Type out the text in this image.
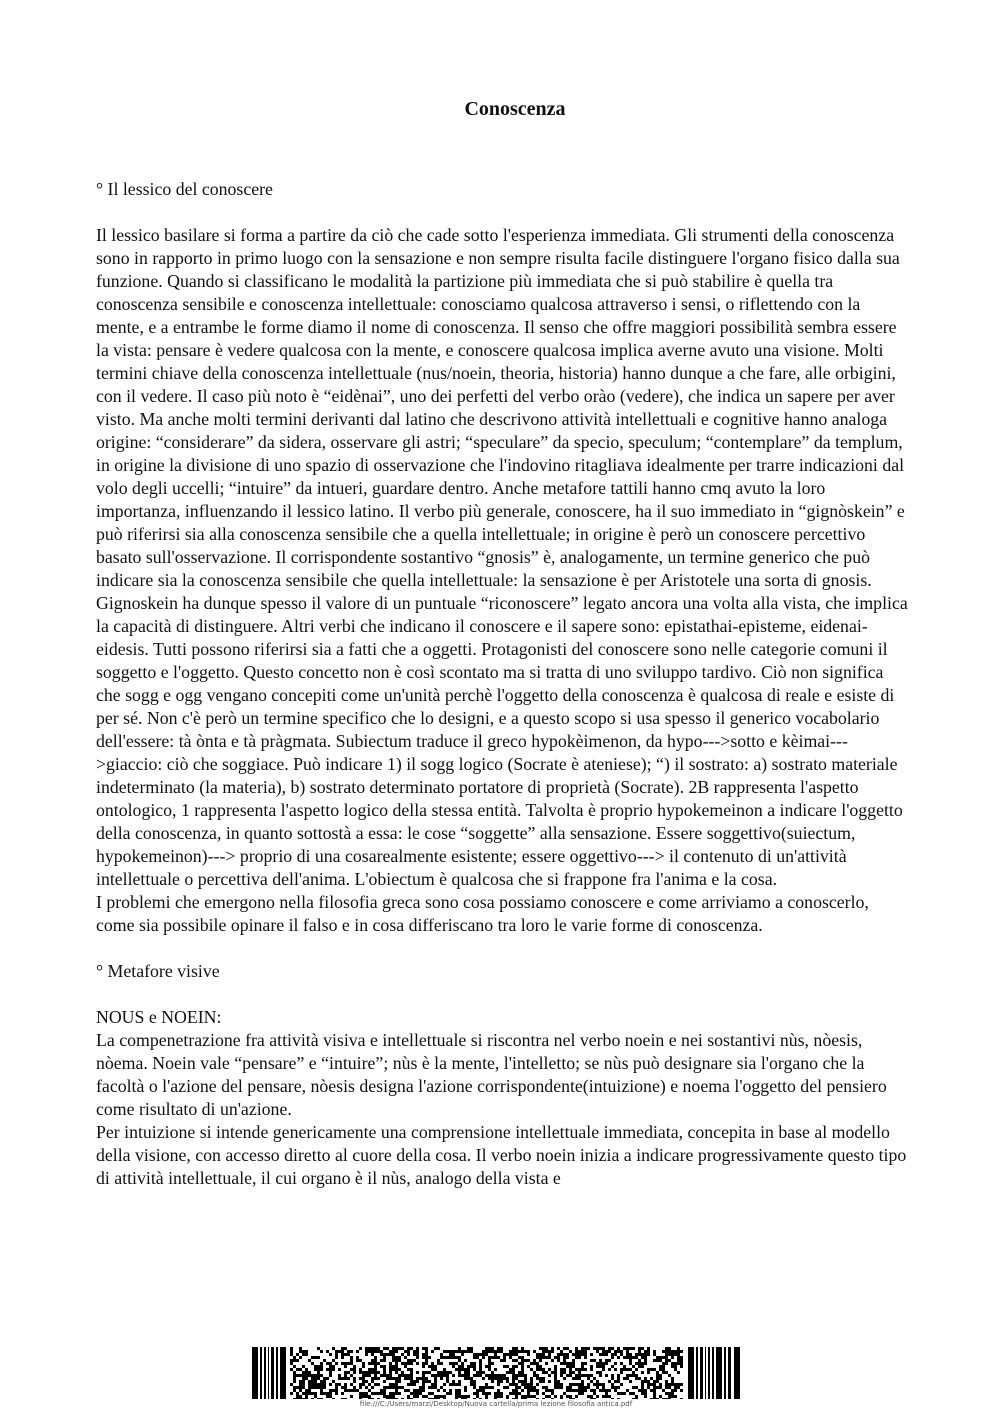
Conoscenza

° Il lessico del conoscere

Il lessico basilare si forma a partire da ciò che cade sotto l'esperienza immediata. Gli strumenti della conoscenza sono in rapporto in primo luogo con la sensazione e non sempre risulta facile distinguere l'organo fisico dalla sua funzione. Quando si classificano le modalità la partizione più immediata che si può stabilire è quella tra conoscenza sensibile e conoscenza intellettuale: conosciamo qualcosa attraverso i sensi, o riflettendo con la mente, e a entrambe le forme diamo il nome di conoscenza. Il senso che offre maggiori possibilità sembra essere la vista: pensare è vedere qualcosa con la mente, e conoscere qualcosa implica averne avuto una visione. Molti termini chiave della conoscenza intellettuale (nus/noein, theoria, historia) hanno dunque a che fare, alle orbigini, con il vedere. Il caso più noto è “eidènai”, uno dei perfetti del verbo orào (vedere), che indica un sapere per aver visto. Ma anche molti termini derivanti dal latino che descrivono attività intellettuali e cognitive hanno analoga origine: “considerare” da sidera, osservare gli astri; “speculare” da specio, speculum; “contemplare” da templum, in origine la divisione di uno spazio di osservazione che l'indovino ritagliava idealmente per trarre indicazioni dal volo degli uccelli; “intuire” da intueri, guardare dentro. Anche metafore tattili hanno cmq avuto la loro importanza, influenzando il lessico latino. Il verbo più generale, conoscere, ha il suo immediato in “gignòskein” e può riferirsi sia alla conoscenza sensibile che a quella intellettuale; in origine è però un conoscere percettivo basato sull'osservazione. Il corrispondente sostantivo “gnosis” è, analogamente, un termine generico che può indicare sia la conoscenza sensibile che quella intellettuale: la sensazione è per Aristotele una sorta di gnosis. Gignoskein ha dunque spesso il valore di un puntuale “riconoscere” legato ancora una volta alla vista, che implica la capacità di distinguere. Altri verbi che indicano il conoscere e il sapere sono: epistathai-episteme, eidenai-eidesis. Tutti possono riferirsi sia a fatti che a oggetti. Protagonisti del conoscere sono nelle categorie comuni il soggetto e l'oggetto. Questo concetto non è così scontato ma si tratta di uno sviluppo tardivo. Ciò non significa che sogg e ogg vengano concepiti come un'unità perchè l'oggetto della conoscenza è qualcosa di reale e esiste di per sé. Non c'è però un termine specifico che lo designi, e a questo scopo si usa spesso il generico vocabolario dell'essere: tà ònta e tà pràgmata. Subiectum traduce il greco hypokèimenon, da hypo--->sotto e kèimai--->giaccio: ciò che soggiace. Può indicare 1) il sogg logico (Socrate è ateniese); “) il sostrato: a) sostrato materiale indeterminato (la materia), b) sostrato determinato portatore di proprietà (Socrate). 2B rappresenta l'aspetto ontologico, 1 rappresenta l'aspetto logico della stessa entità. Talvolta è proprio hypokemeinon a indicare l'oggetto della conoscenza, in quanto sottostà a essa: le cose “soggette” alla sensazione. Essere soggettivo(suiectum, hypokemeinon)---> proprio di una cosarealmente esistente; essere oggettivo---> il contenuto di un'attività intellettuale o percettiva dell'anima. L'obiectum è qualcosa che si frappone fra l'anima e la cosa.

I problemi che emergono nella filosofia greca sono cosa possiamo conoscere e come arriviamo a conoscerlo, come sia possibile opinare il falso e in cosa differiscano tra loro le varie forme di conoscenza.

° Metafore visive

NOUS e NOEIN:

La compenetrazione fra attività visiva e intellettuale si riscontra nel verbo noein e nei sostantivi nùs, nòesis, nòema. Noein vale “pensare” e “intuire”; nùs è la mente, l'intelletto; se nùs può designare sia l'organo che la facoltà o l'azione del pensare, nòesis designa l'azione corrispondente(intuizione) e noema l'oggetto del pensiero come risultato di un'azione.

Per intuizione si intende genericamente una comprensione intellettuale immediata, concepita in base al modello della visione, con accesso diretto al cuore della cosa. Il verbo noein inizia a indicare progressivamente questo tipo di attività intellettuale, il cui organo è il nùs, analogo della vista e

file:///C:/Users/marzi/Desktop/Nuova cartella/prima lezione filosofia antica.pdf
